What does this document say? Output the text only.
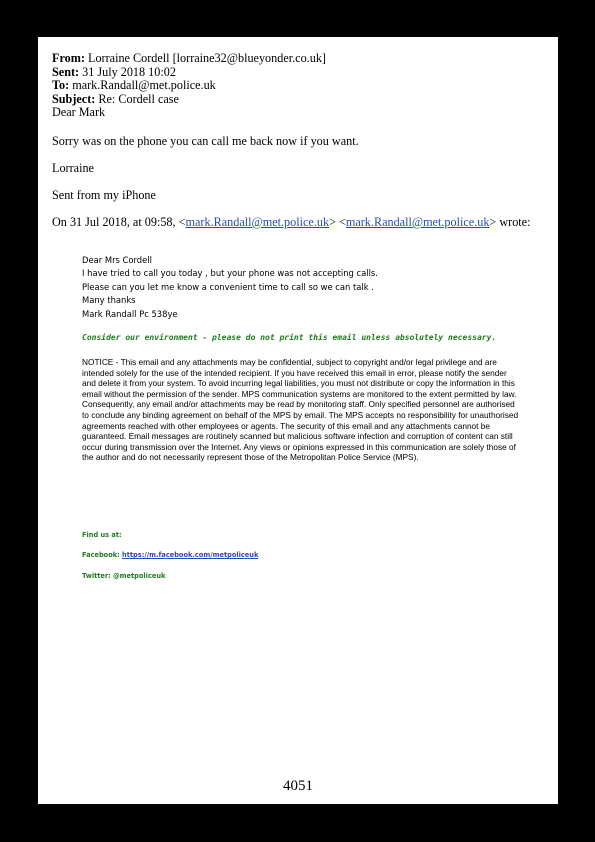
From: Lorraine Cordell [lorraine32@blueyonder.co.uk]
Sent: 31 July 2018 10:02
To: mark.Randall@met.police.uk
Subject: Re: Cordell case
Dear Mark
Sorry was on the phone you can call me back now if you want.
Lorraine
Sent from my iPhone
On 31 Jul 2018, at 09:58, <mark.Randall@met.police.uk> <mark.Randall@met.police.uk> wrote:
Dear Mrs Cordell
I have tried to call you today , but your phone was not accepting calls.
Please can you let me know a convenient time to call so we can talk .
Many thanks
Mark Randall Pc 538ye
Consider our environment - please do not print this email unless absolutely necessary.
NOTICE - This email and any attachments may be confidential, subject to copyright and/or legal privilege and are intended solely for the use of the intended recipient. If you have received this email in error, please notify the sender and delete it from your system. To avoid incurring legal liabilities, you must not distribute or copy the information in this email without the permission of the sender. MPS communication systems are monitored to the extent permitted by law. Consequently, any email and/or attachments may be read by monitoring staff. Only specified personnel are authorised to conclude any binding agreement on behalf of the MPS by email. The MPS accepts no responsibility for unauthorised agreements reached with other employees or agents. The security of this email and any attachments cannot be guaranteed. Email messages are routinely scanned but malicious software infection and corruption of content can still occur during transmission over the Internet. Any views or opinions expressed in this communication are solely those of the author and do not necessarily represent those of the Metropolitan Police Service (MPS).
Find us at:
Facebook: https://m.facebook.com/metpoliceuk
Twitter: @metpoliceuk
4051
